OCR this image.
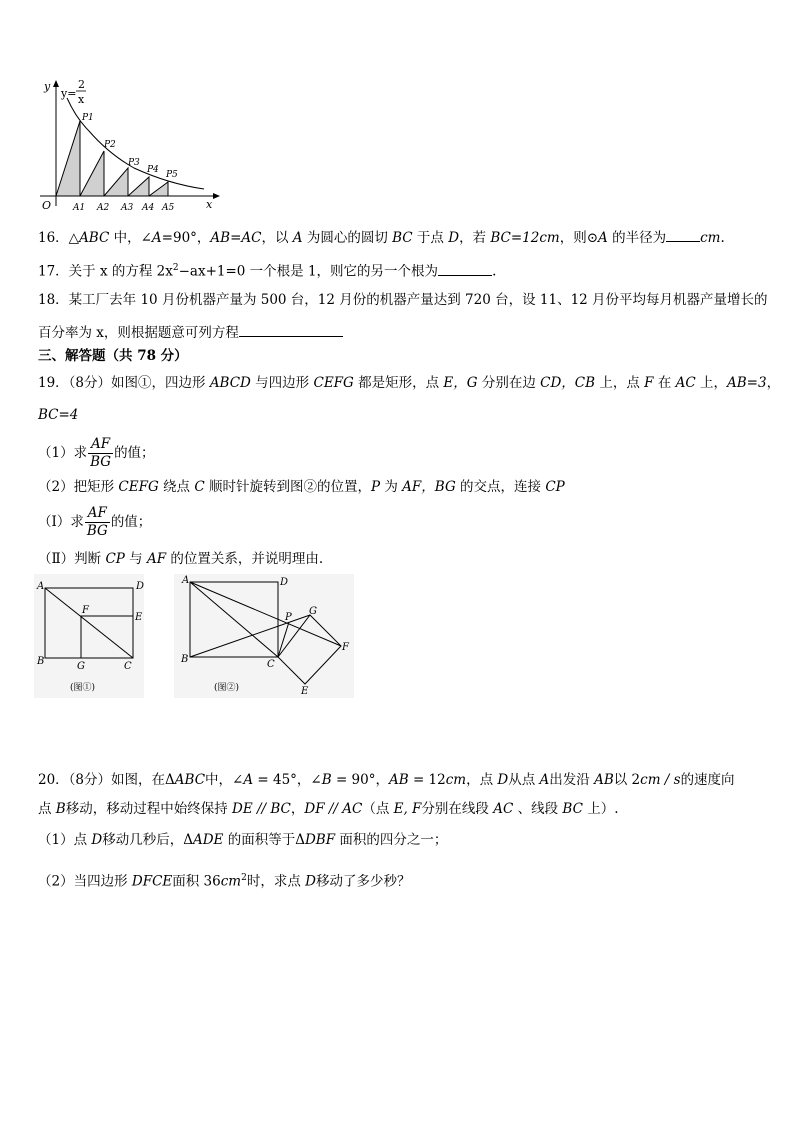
y
y=
2
x
O	x
P1
P2
P3
P4 P5
A1 A2 A3 A4 A5
16．△ABC 中，∠A=90°，AB=AC，以 A 为圆心的圆切 BC 于点 D，若 BC=12cm，则⊙A 的半径为	cm.
17．关于 x 的方程 $2x^2-ax+1=0$ 一个根是 1，则它的另一个根为	.
18．某工厂去年 10 月份机器产量为 500 台，12 月份的机器产量达到 720 台，设 11、12 月份平均每月机器产量增长的
百分率为 x，则根据题意可列方程
三、解答题（共 78 分）
19．（8分）如图①，四边形 ABCD 与四边形 CEFG 都是矩形，点 E，G 分别在边 CD，CB 上，点 F 在 AC 上，AB=3，
BC=4
（1）求 $\frac{AF}{BG}$ 的值；
（2）把矩形 CEFG 绕点 C 顺时针旋转到图②的位置，P 为 AF，BG 的交点，连接 CP
（Ⅰ）求 $\frac{AF}{BG}$ 的值；
（Ⅱ）判断 CP 与 AF 的位置关系，并说明理由.
A	D
F
E
B	G	C
(图①)
A	D
P
G
F
B	C
E
(图②)
20．（8分）如图，在ΔABC中，∠A = 45°，∠B = 90°，AB = 12cm，点 D从点 A出发沿 AB以 2cm / s的速度向
点 B移动，移动过程中始终保持 DE // BC，DF // AC（点 E, F分别在线段 AC 、线段 BC 上）.
（1）点 D移动几秒后，ΔADE 的面积等于ΔDBF 面积的四分之一；
（2）当四边形 DFCE面积 $36cm^2$时，求点 D移动了多少秒？
